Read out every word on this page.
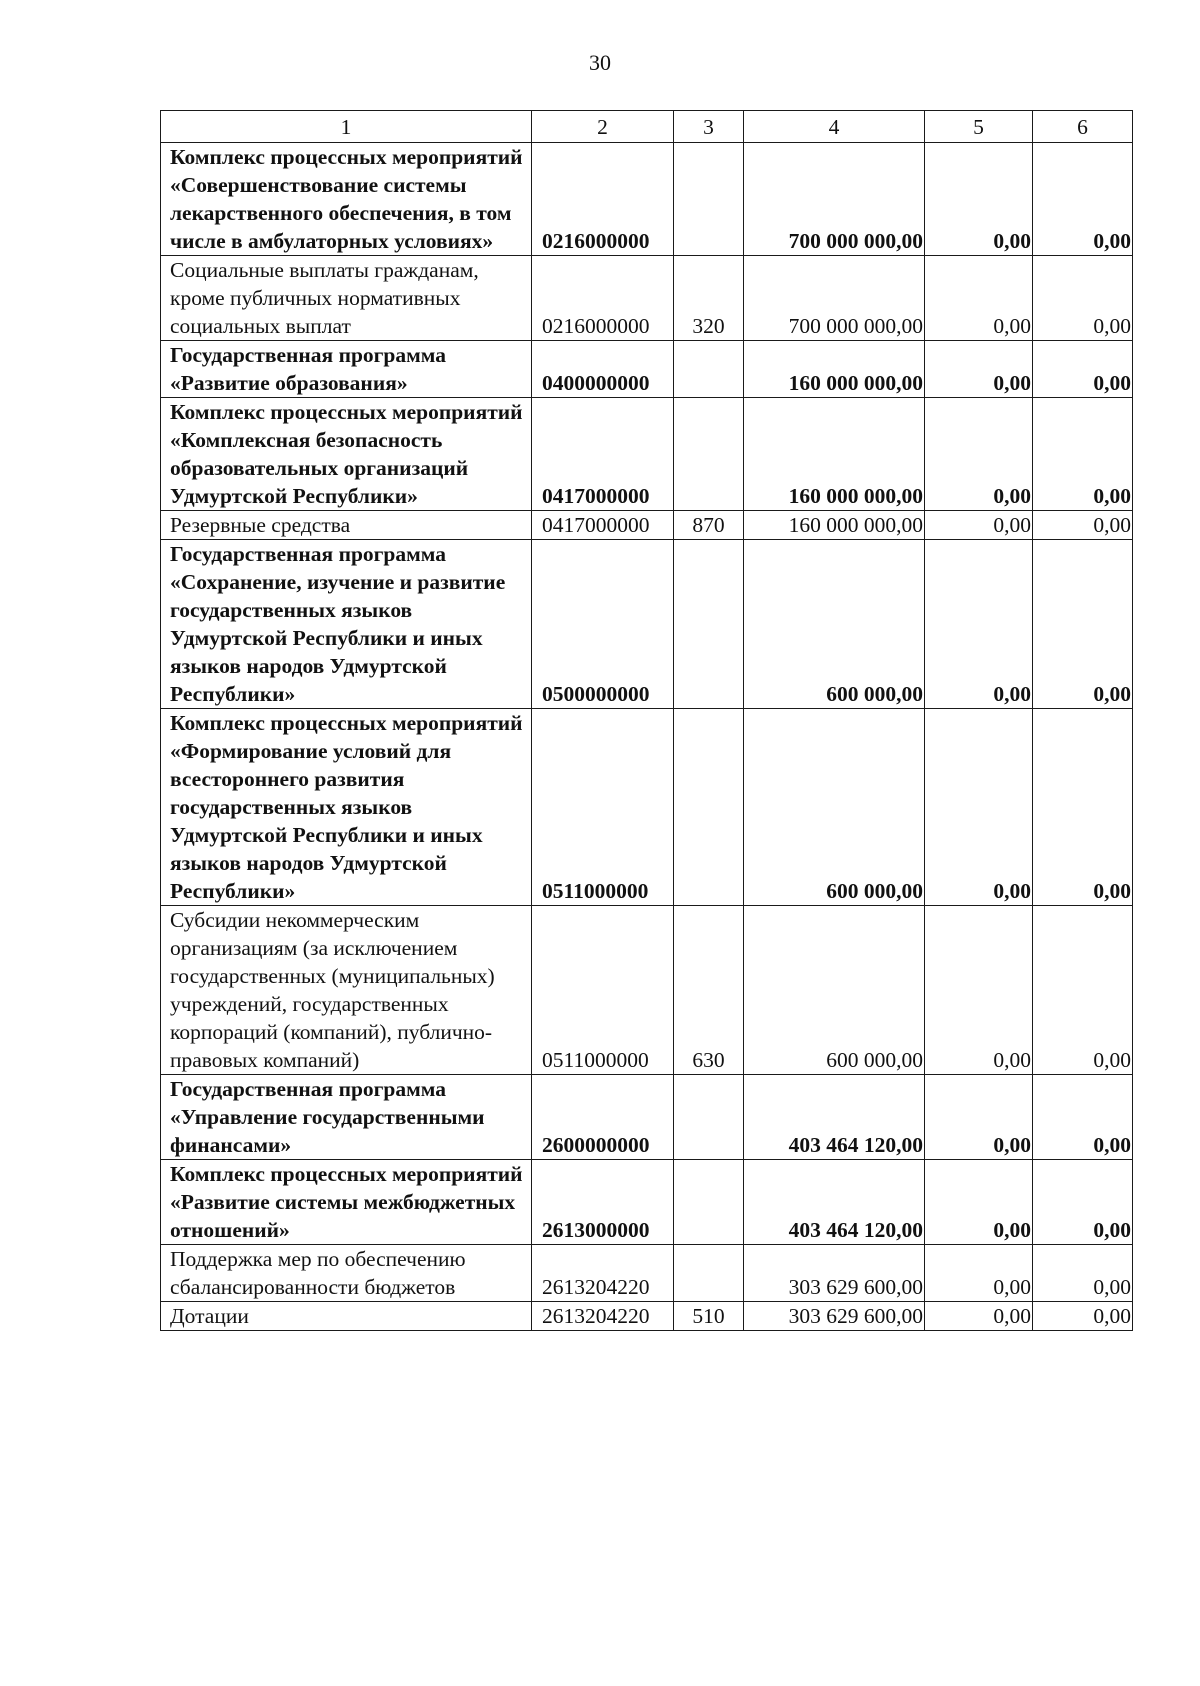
30
1	2	3	4	5	6
Комплекс процессных мероприятий «Совершенствование системы лекарственного обеспечения, в том числе в амбулаторных условиях»	0216000000		700 000 000,00	0,00	0,00
Социальные выплаты гражданам, кроме публичных нормативных социальных выплат	0216000000	320	700 000 000,00	0,00	0,00
Государственная программа «Развитие образования»	0400000000		160 000 000,00	0,00	0,00
Комплекс процессных мероприятий «Комплексная безопасность образовательных организаций Удмуртской Республики»	0417000000		160 000 000,00	0,00	0,00
Резервные средства	0417000000	870	160 000 000,00	0,00	0,00
Государственная программа «Сохранение, изучение и развитие государственных языков Удмуртской Республики и иных языков народов Удмуртской Республики»	0500000000		600 000,00	0,00	0,00
Комплекс процессных мероприятий «Формирование условий для всестороннего развития государственных языков Удмуртской Республики и иных языков народов Удмуртской Республики»	0511000000		600 000,00	0,00	0,00
Субсидии некоммерческим организациям (за исключением государственных (муниципальных) учреждений, государственных корпораций (компаний), публично-правовых компаний)	0511000000	630	600 000,00	0,00	0,00
Государственная программа «Управление государственными финансами»	2600000000		403 464 120,00	0,00	0,00
Комплекс процессных мероприятий «Развитие системы межбюджетных отношений»	2613000000		403 464 120,00	0,00	0,00
Поддержка мер по обеспечению сбалансированности бюджетов	2613204220		303 629 600,00	0,00	0,00
Дотации	2613204220	510	303 629 600,00	0,00	0,00
